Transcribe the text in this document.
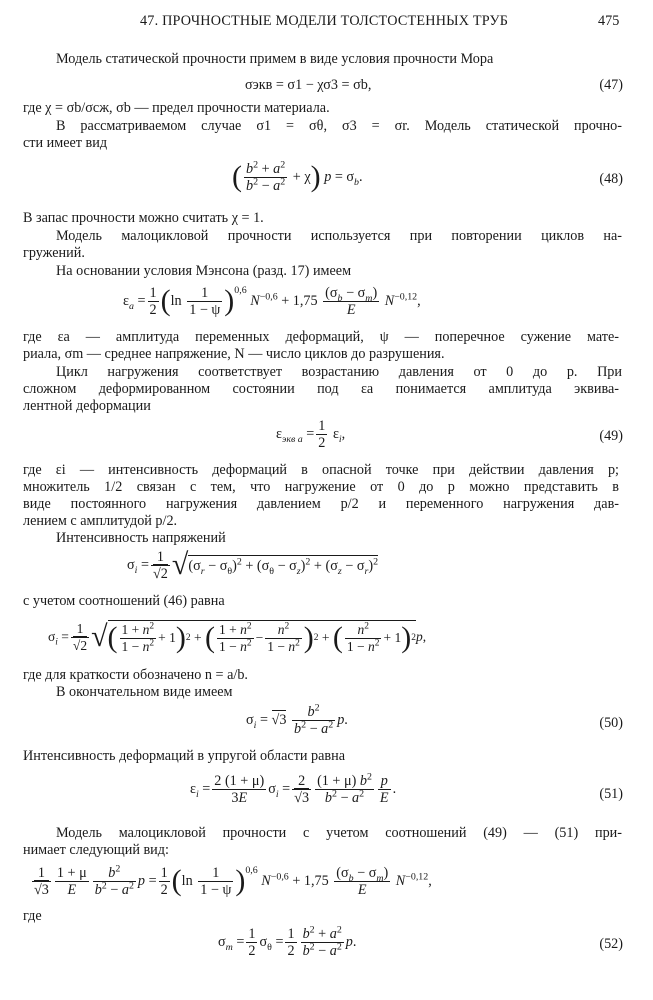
47. ПРОЧНОСТНЫЕ МОДЕЛИ ТОЛСТОСТЕННЫХ ТРУБ	475
Модель статической прочности примем в виде условия прочности Мора
σэкв = σ1 − χσ3 = σb,	(47)
где χ = σb/σсж, σb — предел прочности материала.
В рассматриваемом случае σ1 = σθ, σ3 = σr. Модель статической прочно-
сти имеет вид
( $\frac{b^2 + a^2}{b^2 - a^2} + \chi$ ) $p = \sigma_b$.	(48)
В запас прочности можно считать χ = 1.
Модель малоцикловой прочности используется при повторении циклов на-
гружений.
На основании условия Мэнсона (разд. 17) имеем
$\varepsilon_a = \frac{1}{2}$ ( $\ln \frac{1}{1 - \psi} )^{0,6}$
$N^{-0,6} + 1,75 \frac{(\sigma_b - \sigma_m)}{E} N^{-0,12}$,
где εa — амплитуда переменных деформаций, ψ — поперечное сужение мате-
риала, σm — среднее напряжение, N — число циклов до разрушения.
Цикл нагружения соответствует возрастанию давления от 0 до p. При
сложном деформированном состоянии под εa понимается амплитуда эквива-
лентной деформации
$\varepsilon_{экв a} = \frac{1}{2} \varepsilon_i$,	(49)
где εi — интенсивность деформаций в опасной точке при действии давления p;
множитель 1/2 связан с тем, что нагружение от 0 до p можно представить в
виде постоянного нагружения давлением p/2 и переменного нагружения дав-
лением с амплитудой p/2.
Интенсивность напряжений
$\sigma_i = \frac{1}{√2}$ √ $(\sigma_r - \sigma_\theta)^2 + (\sigma_\theta - \sigma_z)^2 + (\sigma_z - \sigma_r)^2$
с учетом соотношений (46) равна
$\sigma_i = \frac{1}{√2}$ √ ( $\frac{1 + n^2}{1 - n^2} + 1$ ) 2 + ( $\frac{1 + n^2}{1 - n^2} - \frac{n^2}{1 - n^2}$ ) 2 + ( $\frac{n^2}{1 - n^2} + 1$ ) 2 p,
где для краткости обозначено n = a/b.
В окончательном виде имеем
$\sigma_i = √3 \frac{b^2}{b^2 - a^2} p$.	(50)
Интенсивность деформаций в упругой области равна
$\varepsilon_i = \frac{2 (1 + \mu)}{3E} \sigma_i = \frac{2}{√3} \frac{(1 + \mu) b^2}{b^2 - a^2} \frac{p}{E}$ .	(51)
Модель малоцикловой прочности с учетом соотношений (49) — (51) при-
нимает следующий вид:
$\frac{1}{√3} \frac{1 + \mu}{E} \frac{b^2}{b^2 - a^2}$ $p = \frac{1}{2}$ ( $\ln \frac{1}{1 - \psi} )^{0,6}$
$N^{-0,6} + 1,75 \frac{(\sigma_b - \sigma_m)}{E} N^{-0,12}$,
где
$\sigma_m = \frac{1}{2} \sigma_\theta = \frac{1}{2} \frac{b^2 + a^2}{b^2 - a^2} p$.	(52)
